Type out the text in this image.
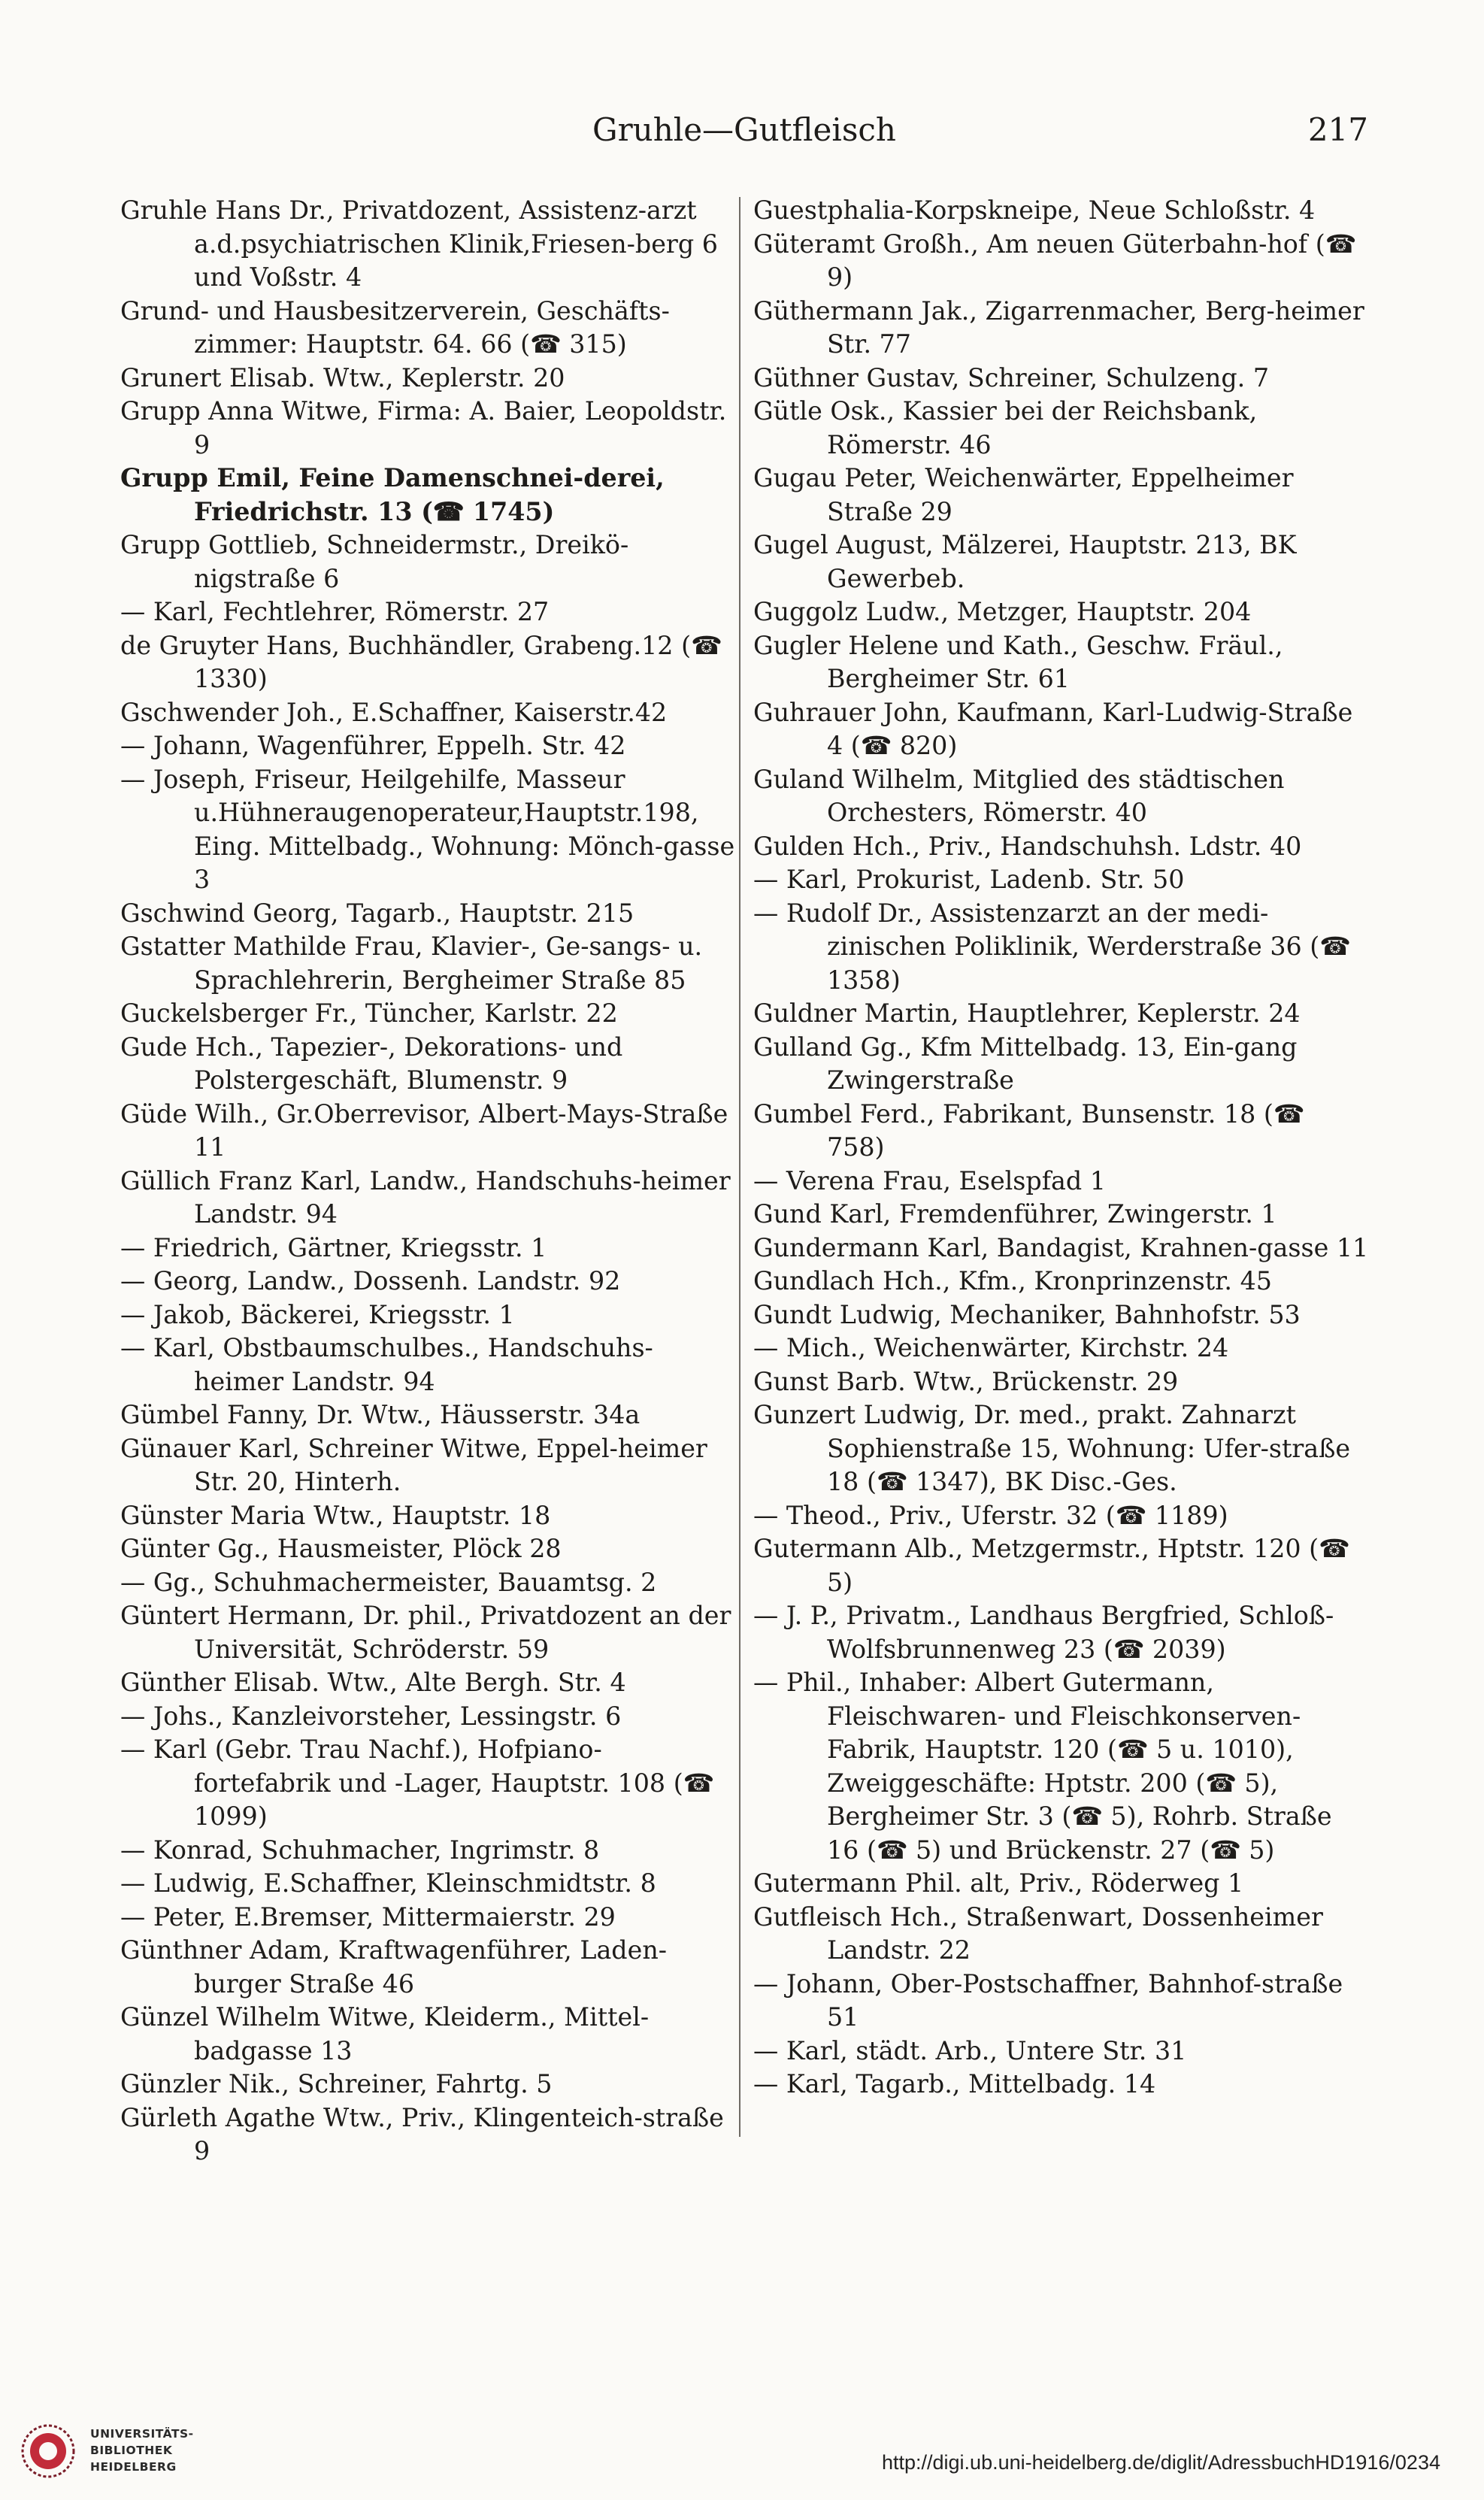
Gruhle—Gutfleisch	217
Gruhle Hans Dr., Privatdozent, Assistenz-arzt a.d.psychiatrischen Klinik,Friesen-berg 6 und Voßstr. 4
Grund- und Hausbesitzerverein, Geschäfts-zimmer: Hauptstr. 64. 66 (☎ 315)
Grunert Elisab. Wtw., Keplerstr. 20
Grupp Anna Witwe, Firma: A. Baier, Leopoldstr. 9
Grupp Emil, Feine Damenschnei-derei, Friedrichstr. 13 (☎ 1745)
Grupp Gottlieb, Schneidermstr., Dreikö-nigstraße 6
— Karl, Fechtlehrer, Römerstr. 27
de Gruyter Hans, Buchhändler, Grabeng.12 (☎ 1330)
Gschwender Joh., E.Schaffner, Kaiserstr.42
— Johann, Wagenführer, Eppelh. Str. 42
— Joseph, Friseur, Heilgehilfe, Masseur u.Hühneraugenoperateur,Hauptstr.198, Eing. Mittelbadg., Wohnung: Mönch-gasse 3
Gschwind Georg, Tagarb., Hauptstr. 215
Gstatter Mathilde Frau, Klavier-, Ge-sangs- u. Sprachlehrerin, Bergheimer Straße 85
Guckelsberger Fr., Tüncher, Karlstr. 22
Gude Hch., Tapezier-, Dekorations- und Polstergeschäft, Blumenstr. 9
Güde Wilh., Gr.Oberrevisor, Albert-Mays-Straße 11
Güllich Franz Karl, Landw., Handschuhs-heimer Landstr. 94
— Friedrich, Gärtner, Kriegsstr. 1
— Georg, Landw., Dossenh. Landstr. 92
— Jakob, Bäckerei, Kriegsstr. 1
— Karl, Obstbaumschulbes., Handschuhs-heimer Landstr. 94
Gümbel Fanny, Dr. Wtw., Häusserstr. 34a
Günauer Karl, Schreiner Witwe, Eppel-heimer Str. 20, Hinterh.
Günster Maria Wtw., Hauptstr. 18
Günter Gg., Hausmeister, Plöck 28
— Gg., Schuhmachermeister, Bauamtsg. 2
Güntert Hermann, Dr. phil., Privatdozent an der Universität, Schröderstr. 59
Günther Elisab. Wtw., Alte Bergh. Str. 4
— Johs., Kanzleivorsteher, Lessingstr. 6
— Karl (Gebr. Trau Nachf.), Hofpiano-fortefabrik und -Lager, Hauptstr. 108 (☎ 1099)
— Konrad, Schuhmacher, Ingrimstr. 8
— Ludwig, E.Schaffner, Kleinschmidtstr. 8
— Peter, E.Bremser, Mittermaierstr. 29
Günthner Adam, Kraftwagenführer, Laden-burger Straße 46
Günzel Wilhelm Witwe, Kleiderm., Mittel-badgasse 13
Günzler Nik., Schreiner, Fahrtg. 5
Gürleth Agathe Wtw., Priv., Klingenteich-straße 9
Guestphalia-Korpskneipe, Neue Schloßstr. 4
Güteramt Großh., Am neuen Güterbahn-hof (☎ 9)
Güthermann Jak., Zigarrenmacher, Berg-heimer Str. 77
Güthner Gustav, Schreiner, Schulzeng. 7
Gütle Osk., Kassier bei der Reichsbank, Römerstr. 46
Gugau Peter, Weichenwärter, Eppelheimer Straße 29
Gugel August, Mälzerei, Hauptstr. 213, BK Gewerbeb.
Guggolz Ludw., Metzger, Hauptstr. 204
Gugler Helene und Kath., Geschw. Fräul., Bergheimer Str. 61
Guhrauer John, Kaufmann, Karl-Ludwig-Straße 4 (☎ 820)
Guland Wilhelm, Mitglied des städtischen Orchesters, Römerstr. 40
Gulden Hch., Priv., Handschuhsh. Ldstr. 40
— Karl, Prokurist, Ladenb. Str. 50
— Rudolf Dr., Assistenzarzt an der medi-zinischen Poliklinik, Werderstraße 36 (☎ 1358)
Guldner Martin, Hauptlehrer, Keplerstr. 24
Gulland Gg., Kfm Mittelbadg. 13, Ein-gang Zwingerstraße
Gumbel Ferd., Fabrikant, Bunsenstr. 18 (☎ 758)
— Verena Frau, Eselspfad 1
Gund Karl, Fremdenführer, Zwingerstr. 1
Gundermann Karl, Bandagist, Krahnen-gasse 11
Gundlach Hch., Kfm., Kronprinzenstr. 45
Gundt Ludwig, Mechaniker, Bahnhofstr. 53
— Mich., Weichenwärter, Kirchstr. 24
Gunst Barb. Wtw., Brückenstr. 29
Gunzert Ludwig, Dr. med., prakt. Zahnarzt Sophienstraße 15, Wohnung: Ufer-straße 18 (☎ 1347), BK Disc.-Ges.
— Theod., Priv., Uferstr. 32 (☎ 1189)
Gutermann Alb., Metzgermstr., Hptstr. 120 (☎ 5)
— J. P., Privatm., Landhaus Bergfried, Schloß-Wolfsbrunnenweg 23 (☎ 2039)
— Phil., Inhaber: Albert Gutermann, Fleischwaren- und Fleischkonserven-Fabrik, Hauptstr. 120 (☎ 5 u. 1010), Zweiggeschäfte: Hptstr. 200 (☎ 5), Bergheimer Str. 3 (☎ 5), Rohrb. Straße 16 (☎ 5) und Brückenstr. 27 (☎ 5)
Gutermann Phil. alt, Priv., Röderweg 1
Gutfleisch Hch., Straßenwart, Dossenheimer Landstr. 22
— Johann, Ober-Postschaffner, Bahnhof-straße 51
— Karl, städt. Arb., Untere Str. 31
— Karl, Tagarb., Mittelbadg. 14
UNIVERSITÄTS-
BIBLIOTHEK
HEIDELBERG	http://digi.ub.uni-heidelberg.de/diglit/AdressbuchHD1916/0234
